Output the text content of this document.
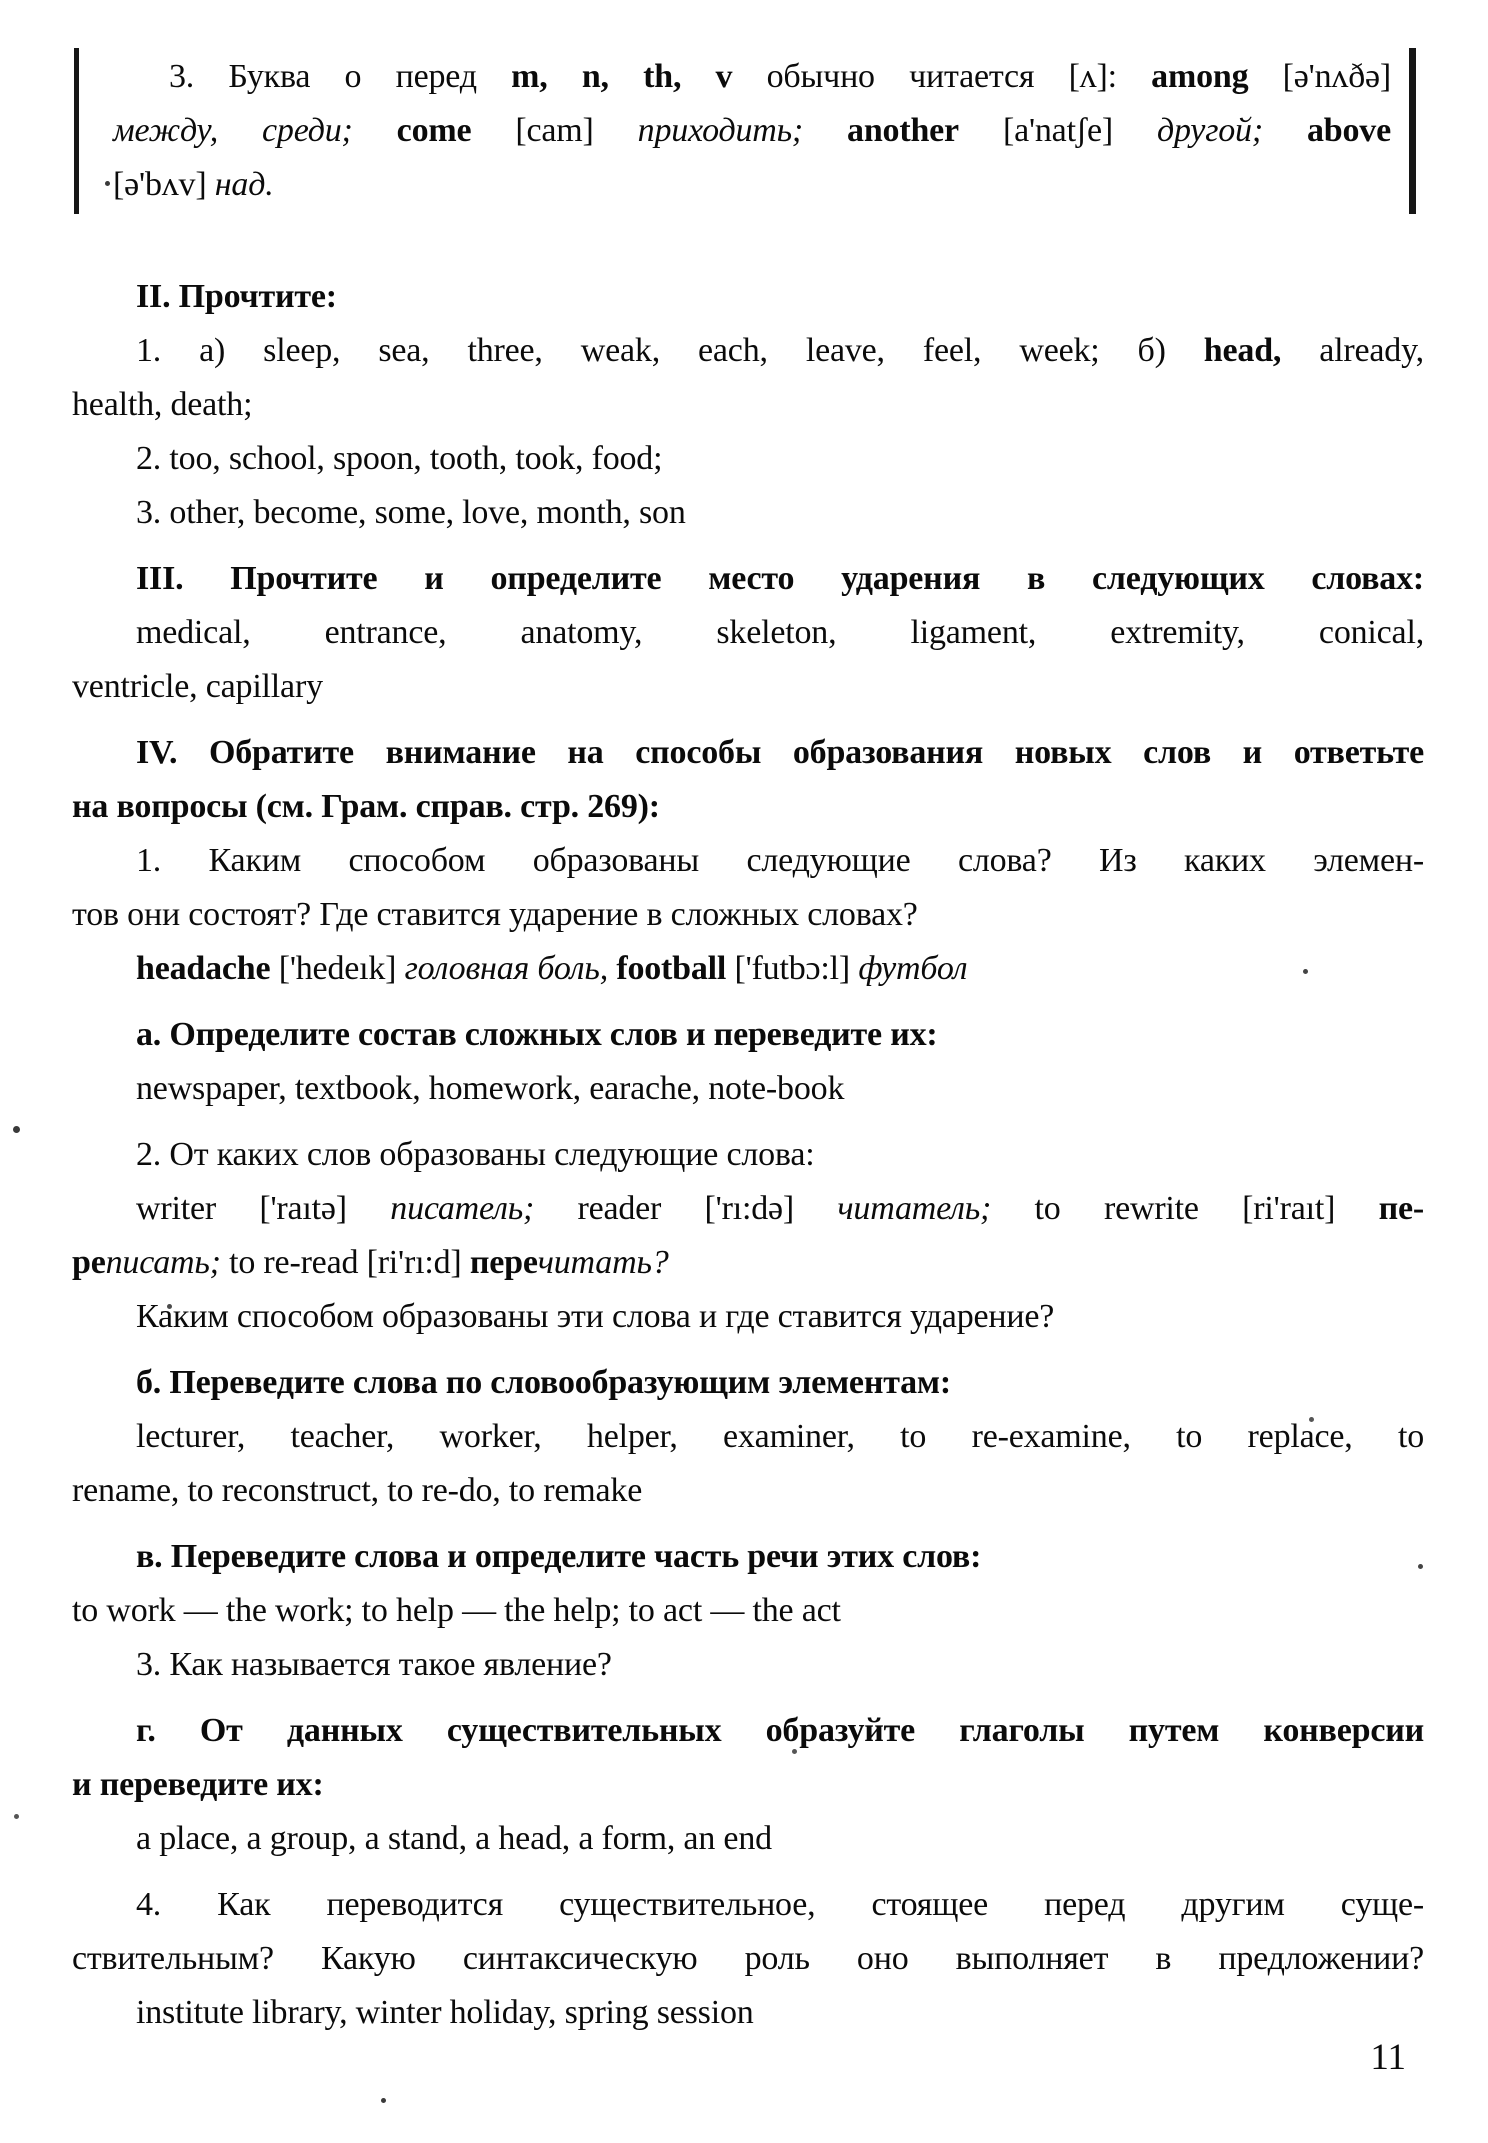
3. Буква о перед m, n, th, v обычно читается [ʌ]: among [ə'nʌðə]
между, среди; come [cam] приходить; another [a'natʃe] другой; above
[ə'bʌv] над.
II. Прочтите:
1. a) sleep, sea, three, weak, each, leave, feel, week; б) head, already,
health, death;
2. too, school, spoon, tooth, took, food;
3. other, become, some, love, month, son
III. Прочтите и определите место ударения в следующих словах:
medical, entrance, anatomy, skeleton, ligament, extremity, conical,
ventricle, capillary
IV. Обратите внимание на способы образования новых слов и ответьте
на вопросы (см. Грам. справ. стр. 269):
1. Каким способом образованы следующие слова? Из каких элемен-
тов они состоят? Где ставится ударение в сложных словах?
headache ['hedeık] головная боль, football ['futbɔ:l] футбол
а. Определите состав сложных слов и переведите их:
newspaper, textbook, homework, earache, note-book
2. От каких слов образованы следующие слова:
writer ['raıtə] писатель; reader ['rı:də] читатель; to rewrite [ri'raıt] пе-
реписать; to re-read [ri'rı:d] перечитать?
Каким способом образованы эти слова и где ставится ударение?
б. Переведите слова по словообразующим элементам:
lecturer, teacher, worker, helper, examiner, to re-examine, to replace, to
rename, to reconstruct, to re-do, to remake
в. Переведите слова и определите часть речи этих слов:
to work — the work; to help — the help; to act — the act
3. Как называется такое явление?
г. От данных существительных образуйте глаголы путем конверсии
и переведите их:
a place, a group, a stand, a head, a form, an end
4. Как переводится существительное, стоящее перед другим суще-
ствительным? Какую синтаксическую роль оно выполняет в предложении?
institute library, winter holiday, spring session
11
